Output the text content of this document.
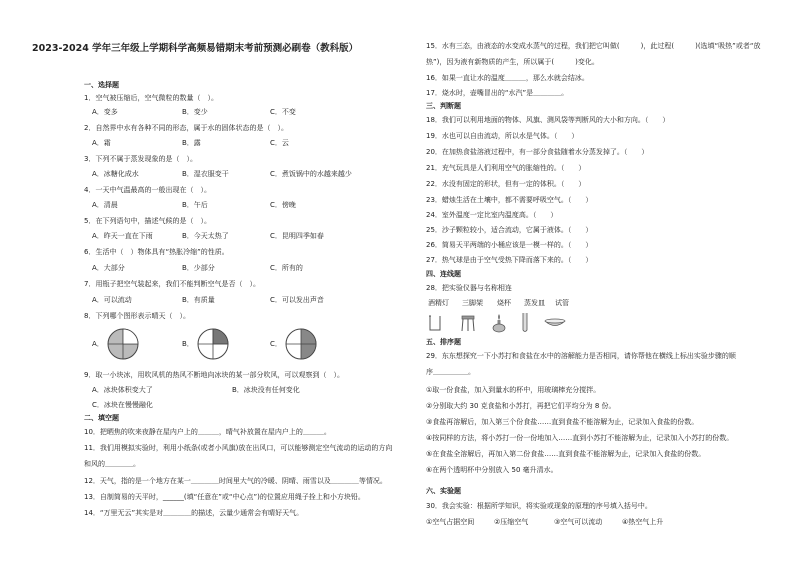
2023-2024 学年三年级上学期科学高频易错期末考前预测必刷卷（教科版）
一、选择题
1．空气被压缩后，空气微粒的数量（　）。
A．变多	B．变少	C．不变
2．自然界中水有各种不同的形态，属于水的固体状态的是（　）。
A．霜	B．露	C．云
3．下列不属于蒸发现象的是（　）。
A．冰糖化成水	B．湿衣服变干	C．煮饭锅中的水越来越少
4．一天中气温最高的一般出现在（　）。
A．清晨	B．午后	C．傍晚
5．在下列语句中，描述气候的是（　）。
A．昨天一直在下雨	B．今天太热了	C．昆明四季如春
6．生活中（　）物体具有“热胀冷缩”的性质。
A．大部分	B．少部分	C．所有的
7．用瓶子把空气装起来，我们不能判断空气是否（　）。
A．可以流动	B．有质量	C．可以发出声音
8．下列哪个图形表示晴天（　）。
A．	B．	C．
9．取一小块冰，用吹风机的热风不断地向冰块的某一部分吹风，可以观察到（　）。
A．冰块体积变大了	B．冰块没有任何变化
C．冰块在慢慢融化
二、填空题
10．把晒焦的吹来夜静在屋内户上的＿＿＿，晴气补放置在屋内户上的＿＿＿。
11．我们用模拟实验时，利用小纸条(或者小风旗)放在出风口，可以能够测定空气流动的运动的方向
和风的＿＿＿＿。
12．天气，指的是一个地方在某一＿＿＿＿时间里大气的冷暖、阴晴、雨雪以及＿＿＿＿等情况。
13．自制简易的天平时，______(填“任意在”或“中心点”)的位置应用绳子拴上和小方块铅。
14．“万里无云”其实是对＿＿＿＿的描述，云量少通常会有晴好天气。
15．水有三态，由液态的水变成水蒸气的过程，我们把它叫做(　　　)，此过程(　　　)(选填“吸热”或者“放
热”)，因为液有新物质的产生，所以属于(　　　)变化。
16．如果一直让水的温度＿＿＿，那么水就会结冰。
17．烧水时，壶嘴冒出的“水汽”是＿＿＿＿。
三、判断题
18．我们可以利用地面的物体、风旗、测风袋等判断风的大小和方向。（　　）
19．水也可以自由流动，所以水是气体。（　　）
20．在加热食盐溶液过程中，有一部分食盐随着水分蒸发掉了。（　　）
21．充气玩具是人们利用空气的胀缩性的。（　　）
22．水没有固定的形状，但有一定的体积。（　　）
23．蜡烛生活在土壤中，都不需要呼吸空气。（　　）
24．室外温度一定比室内温度高。（　　）
25．沙子颗粒较小，适合流动，它属于液体。（　　）
26．简易天平两端的小桶应该是一模一样的。（　　）
27．热气球是由于空气受热下降而落下来的。（　　）
四、连线题
28．把实验仪器与名称相连
酒精灯 三脚架 烧杯 蒸发皿 试管
五、排序题
29．东东想探究一下小苏打和食盐在水中的溶解能力是否相同，请你帮他在横线上标出实验步骤的顺
序＿＿＿＿＿。
①取一份食盐，加入到量水的杯中，用玻璃棒充分搅拌。
②分别取大约 30 克食盐和小苏打，再把它们平均分为 8 份。
③食盐再溶解后，加入第三个份食盐……直到食盐不能溶解为止，记录加入食盐的份数。
④按同样的方法，将小苏打一份一份地加入……直到小苏打不能溶解为止，记录加入小苏打的份数。
⑤在食盐全溶解后，再加入第二份食盐……直到食盐不能溶解为止，记录加入食盐的份数。
⑥在两个透明杯中分别放入 50 毫升清水。
六、实验题
30．我会实验：根据所学知识，将实验或现象的原理的序号填入括号中。
①空气占据空间	②压缩空气	③空气可以流动	④热空气上升
